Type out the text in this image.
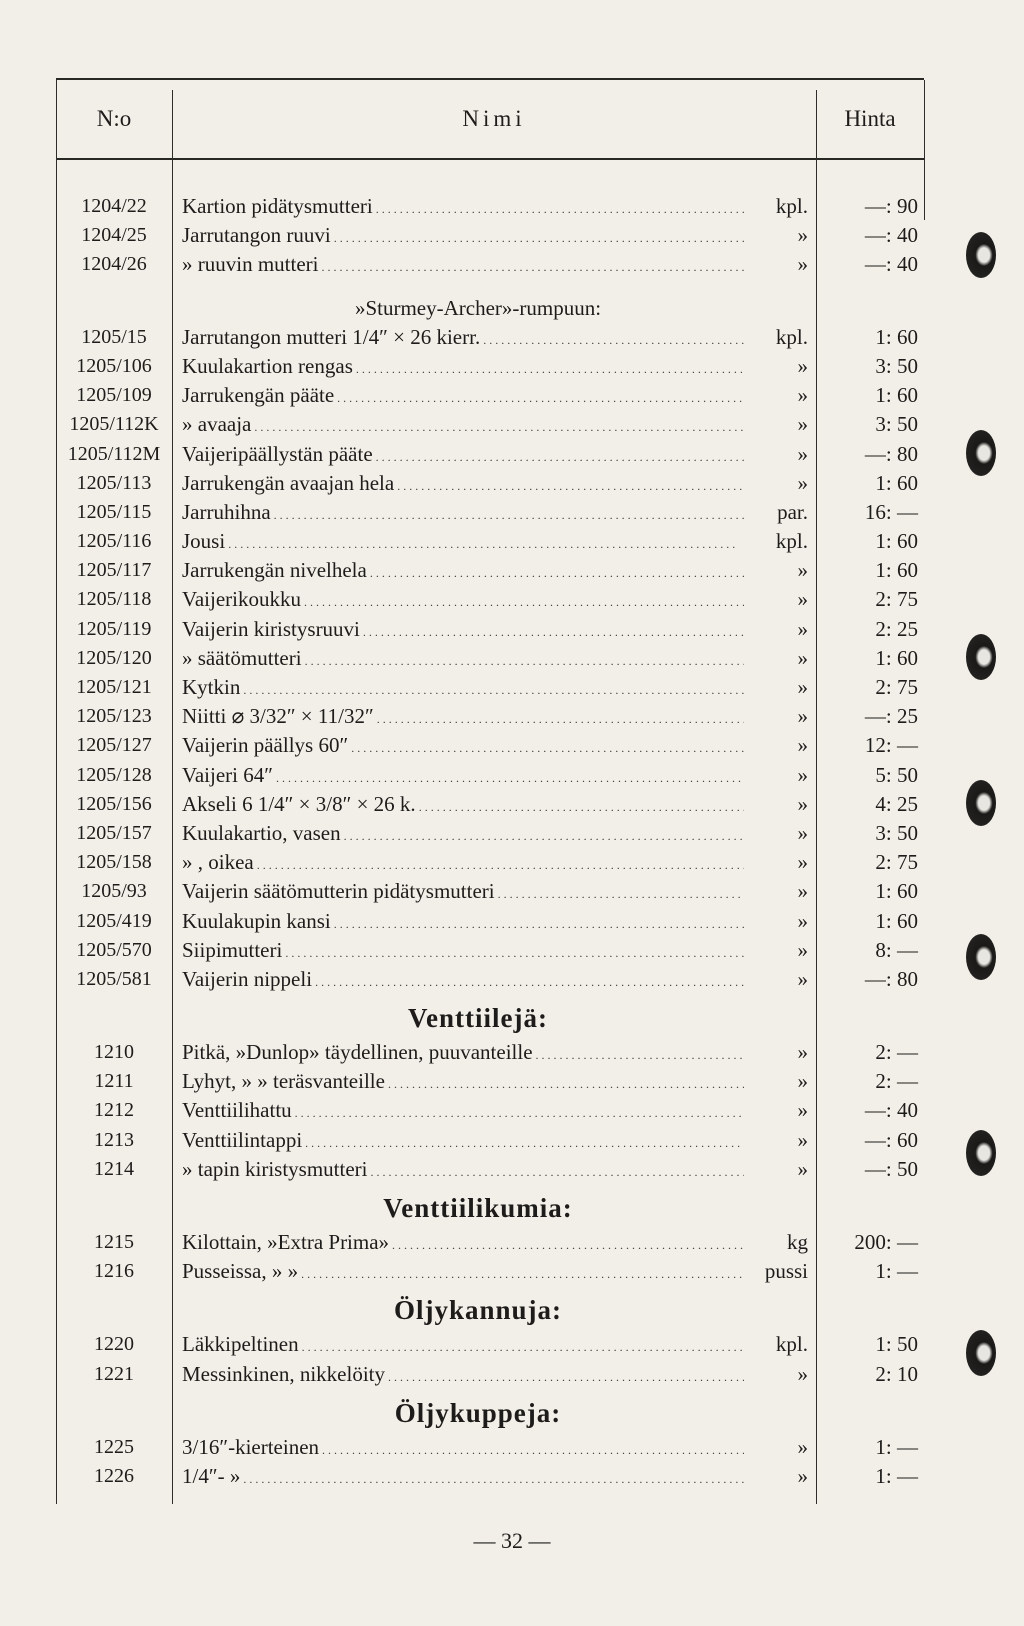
N:o	Nimi	Hinta
1204/22	Kartion pidätysmutteri . . .	kpl.	—: 90
1204/25	Jarrutangon ruuvi . . .	»	—: 40
1204/26	» ruuvin mutteri . . .	»	—: 40
»Sturmey-Archer»-rumpuun:
1205/15	Jarrutangon mutteri 1/4″ × 26 kierr. . . .	kpl.	1: 60
1205/106	Kuulakartion rengas . . .	»	3: 50
1205/109	Jarrukengän pääte . . .	»	1: 60
1205/112K	» avaaja . . .	»	3: 50
1205/112M	Vaijeripäällystän pääte . . .	»	—: 80
1205/113	Jarrukengän avaajan hela . . .	»	1: 60
1205/115	Jarruhihna . . .	par.	16: —
1205/116	Jousi . . .	kpl.	1: 60
1205/117	Jarrukengän nivelhela . . .	»	1: 60
1205/118	Vaijerikoukku . . .	»	2: 75
1205/119	Vaijerin kiristysruuvi . . .	»	2: 25
1205/120	» säätömutteri . . .	»	1: 60
1205/121	Kytkin . . .	»	2: 75
1205/123	Niitti ⌀ 3/32″ × 11/32″ . . .	»	—: 25
1205/127	Vaijerin päällys 60″ . . .	»	12: —
1205/128	Vaijeri 64″ . . .	»	5: 50
1205/156	Akseli 6 1/4″ × 3/8″ × 26 k. . . .	»	4: 25
1205/157	Kuulakartio, vasen . . .	»	3: 50
1205/158	» , oikea . . .	»	2: 75
1205/93	Vaijerin säätömutterin pidätysmutteri . . .	»	1: 60
1205/419	Kuulakupin kansi . . .	»	1: 60
1205/570	Siipimutteri . . .	»	8: —
1205/581	Vaijerin nippeli . . .	»	—: 80
Venttiilejä:
1210	Pitkä, »Dunlop» täydellinen, puuvanteille . . .	»	2: —
1211	Lyhyt, » » teräsvanteille . . .	»	2: —
1212	Venttiilihattu . . .	»	—: 40
1213	Venttiilintappi . . .	»	—: 60
1214	» tapin kiristysmutteri . . .	»	—: 50
Venttiilikumia:
1215	Kilottain, »Extra Prima» . . .	kg	200: —
1216	Pusseissa, » » . . .	pussi	1: —
Öljykannuja:
1220	Läkkipeltinen . . .	kpl.	1: 50
1221	Messinkinen, nikkelöity . . .	»	2: 10
Öljykuppeja:
1225	3/16″-kierteinen . . .	»	1: —
1226	1/4″- » . . .	»	1: —
— 32 —
